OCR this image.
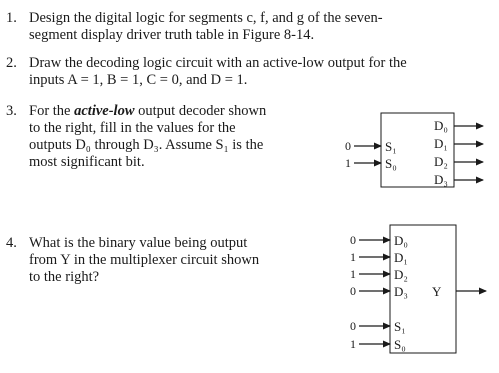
1. Design the digital logic for segments c, f, and g of the seven-
segment display driver truth table in Figure 8-14.
2. Draw the decoding logic circuit with an active-low output for the
inputs A = 1, B = 1, C = 0, and D = 1.
3. For the active-low output decoder shown
to the right, fill in the values for the
outputs D₀ through D₃. Assume S₁ is the
most significant bit.
4. What is the binary value being output
from Y in the multiplexer circuit shown
to the right?
0	S₁
1	S₀
D₀
D₁
D₂
D₃
0	D₀
1	D₁
1	D₂
0	D₃ Y
0	S₁
1	S₀
